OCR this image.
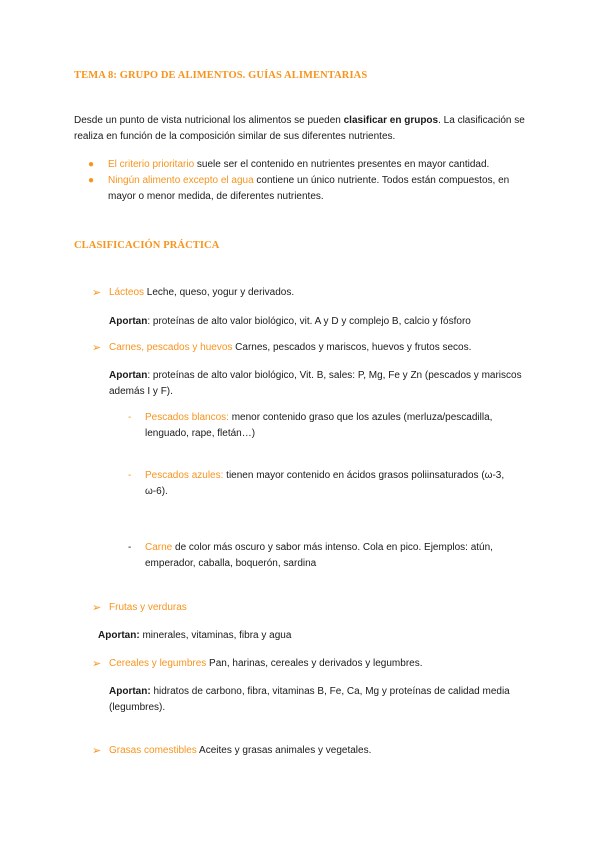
TEMA 8: GRUPO DE ALIMENTOS. GUÍAS ALIMENTARIAS
Desde un punto de vista nutricional los alimentos se pueden clasificar en grupos. La clasificación se
realiza en función de la composición similar de sus diferentes nutrientes.
● El criterio prioritario suele ser el contenido en nutrientes presentes en mayor cantidad.
● Ningún alimento excepto el agua contiene un único nutriente. Todos están compuestos, en
mayor o menor medida, de diferentes nutrientes.
CLASIFICACIÓN PRÁCTICA
➢ Lácteos Leche, queso, yogur y derivados.
Aportan: proteínas de alto valor biológico, vit. A y D y complejo B, calcio y fósforo
➢ Carnes, pescados y huevos Carnes, pescados y mariscos, huevos y frutos secos.
Aportan: proteínas de alto valor biológico, Vit. B, sales: P, Mg, Fe y Zn (pescados y mariscos
además I y F).
- Pescados blancos: menor contenido graso que los azules (merluza/pescadilla,
lenguado, rape, fletán…)
- Pescados azules: tienen mayor contenido en ácidos grasos poliinsaturados (ω-3,
ω-6).
- Carne de color más oscuro y sabor más intenso. Cola en pico. Ejemplos: atún,
emperador, caballa, boquerón, sardina
➢ Frutas y verduras
Aportan: minerales, vitaminas, fibra y agua
➢ Cereales y legumbres Pan, harinas, cereales y derivados y legumbres.
Aportan: hidratos de carbono, fibra, vitaminas B, Fe, Ca, Mg y proteínas de calidad media
(legumbres).
➢ Grasas comestibles Aceites y grasas animales y vegetales.
